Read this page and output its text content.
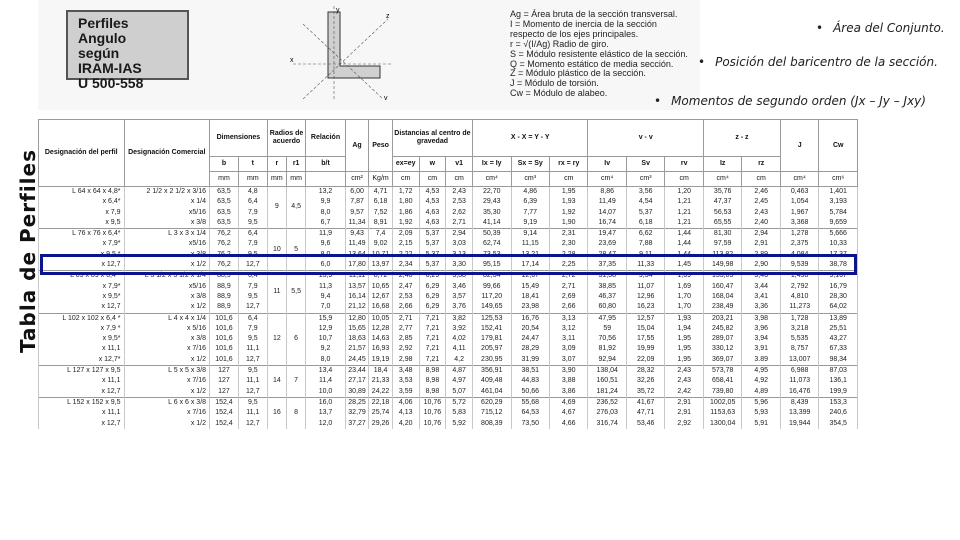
Tabla de Perfiles
Perfiles Angulo
según
IRAM-IAS
U 500-558
x
y
z
v
Ag = Área bruta de la sección transversal.
I = Momento de inercia de la sección
respecto de los ejes principales.
r = √(I/Ag) Radio de giro.
S = Módulo resistente elástico de la sección.
Q = Momento estático de media sección.
Z = Módulo plástico de la sección.
J = Módulo de torsión.
Cw = Módulo de alabeo.
• Área del Conjunto.
• Posición del baricentro de la sección.
• Momentos de segundo orden (Jx – Jy – Jxy)
Designación del perfil	Designación Comercial	Dimensiones		Radios de acuerdo		Relación	Ag	Peso	Distancias al centro de gravedad			X - X = Y - Y			v - v			z - z		J	Cw
		b	t	r	r1	b/t			ex=ey	w	v1	Ix = Iy	Sx = Sy	rx = ry	Iv	Sv	rv	Iz	rz		
		mm	mm	mm	mm		cm²	Kg/m	cm	cm	cm	cm⁴	cm³	cm	cm⁴	cm³	cm	cm⁴	cm	cm⁴	cm⁶
L 64 x 64 x 4,8*	2 1/2 x 2 1/2 x 3/16	63,5	4,8	9	4,5	13,2	6,00	4,71	1,72	4,53	2,43	22,70	4,86	1,95	8,86	3,56	1,20	35,76	2,46	0,463	1,401
x 6,4*	x 1/4	63,5	6,4			9,9	7,87	6,18	1,80	4,53	2,53	29,43	6,39	1,93	11,49	4,54	1,21	47,37	2,45	1,054	3,193
x 7,9	x5/16	63,5	7,9			8,0	9,57	7,52	1,86	4,63	2,62	35,30	7,77	1,92	14,07	5,37	1,21	56,53	2,43	1,967	5,784
x 9,5	x 3/8	63,5	9,5			6,7	11,34	8,91	1,92	4,63	2,71	41,14	9,19	1,90	16,74	6,18	1,21	65,55	2,40	3,368	9,659
L 76 x 76 x 6,4*	L 3 x 3 x 1/4	76,2	6,4	10	5	11,9	9,43	7,4	2,09	5,37	2,94	50,39	9,14	2,31	19,47	6,62	1,44	81,30	2,94	1,278	5,666
x 7,9*	x5/16	76,2	7,9			9,6	11,49	9,02	2,15	5,37	3,03	62,74	11,15	2,30	23,69	7,88	1,44	97,59	2,91	2,375	10,33
x 9,5 *	x 3/8	76,2	9,5			8,0	13,64	10,71	2,22	5,37	3,13	73,53	13,21	2,28	28,47	9,11	1,44	113,82	2,89	4,084	17,37
x 12,7	x 1/2	76,2	12,7			6,0	17,80	13,97	2,34	5,37	3,30	95,15	17,14	2,25	37,35	11,33	1,45	149,98	2,90	9,539	38,78
L 89 x 89 x 6,4 *	L 3 1/2 x 3 1/2 x 1/4	88,9	6,4	11	5,5	13,9	11,11	8,72	2,40	6,29	3,38	82,34	12,67	2,72	31,58	9,34	1,69	133,09	3,46	1,498	9,167
x 7,9*	x5/16	88,9	7,9			11,3	13,57	10,65	2,47	6,29	3,46	99,66	15,49	2,71	38,85	11,07	1,69	160,47	3,44	2,792	16,79
x 9,5*	x 3/8	88,9	9,5			9,4	16,14	12,67	2,53	6,29	3,57	117,20	18,41	2,69	46,37	12,96	1,70	168,04	3,41	4,810	28,30
x 12,7	x 1/2	88,9	12,7			7,0	21,12	16,68	2,66	6,29	3,76	149,65	23,98	2,66	60,80	16,23	1,70	238,49	3,36	11,273	64,02
L 102 x 102 x 6,4 *	L 4 x 4 x 1/4	101,6	6,4	12	6	15,9	12,80	10,05	2,71	7,21	3,82	125,53	16,76	3,13	47,95	12,57	1,93	203,21	3,98	1,728	13,89
x 7,9 *	x 5/16	101,6	7,9			12,9	15,65	12,28	2,77	7,21	3,92	152,41	20,54	3,12	59	15,04	1,94	245,82	3,96	3,218	25,51
x 9,5*	x 3/8	101,6	9,5			10,7	18,63	14,63	2,85	7,21	4,02	179,81	24,47	3,11	70,56	17,55	1,95	289,07	3,94	5,535	43,27
x 11,1	x 7/16	101,6	11,1			9,2	21,57	16,93	2,92	7,21	4,11	205,97	28,29	3,09	81,92	19,99	1,95	330,12	3,91	8,757	67,33
x 12,7*	x 1/2	101,6	12,7			8,0	24,45	19,19	2,98	7,21	4,2	230,95	31,99	3,07	92,94	22,09	1,95	369,07	3.89	13,007	98,34
L 127 x 127 x 9,5	L 5 x 5 x 3/8	127	9,5	14	7	13,4	23,44	18,4	3,48	8,98	4,87	356,91	38,51	3,90	138,04	28,32	2,43	573,78	4,95	6,988	87,03
x 11,1	x 7/16	127	11,1			11,4	27,17	21,33	3,53	8,98	4,97	409,48	44,83	3,88	160,51	32,26	2,43	658,41	4,92	11,073	136,1
x 12,7	x 1/2	127	12,7			10,0	30,89	24,22	3,59	8,98	5,07	461,04	50,66	3,86	181,24	35,72	2,42	739,80	4,89	16,476	199,9
L 152 x 152 x 9,5	L 6 x 6 x 3/8	152,4	9,5	16	8	16,0	28,25	22,18	4,06	10,76	5,72	620,29	55,68	4,69	236,52	41,67	2,91	1002,05	5,96	8,439	153,3
x 11,1	x 7/16	152,4	11,1			13,7	32,79	25,74	4,13	10,76	5,83	715,12	64,53	4,67	276,03	47,71	2,91	1153,63	5,93	13,399	240,6
x 12,7	x 1/2	152,4	12,7			12,0	37,27	29,26	4,20	10,76	5,92	808,39	73,50	4,66	316,74	53,46	2,92	1300,04	5,91	19,944	354,5
